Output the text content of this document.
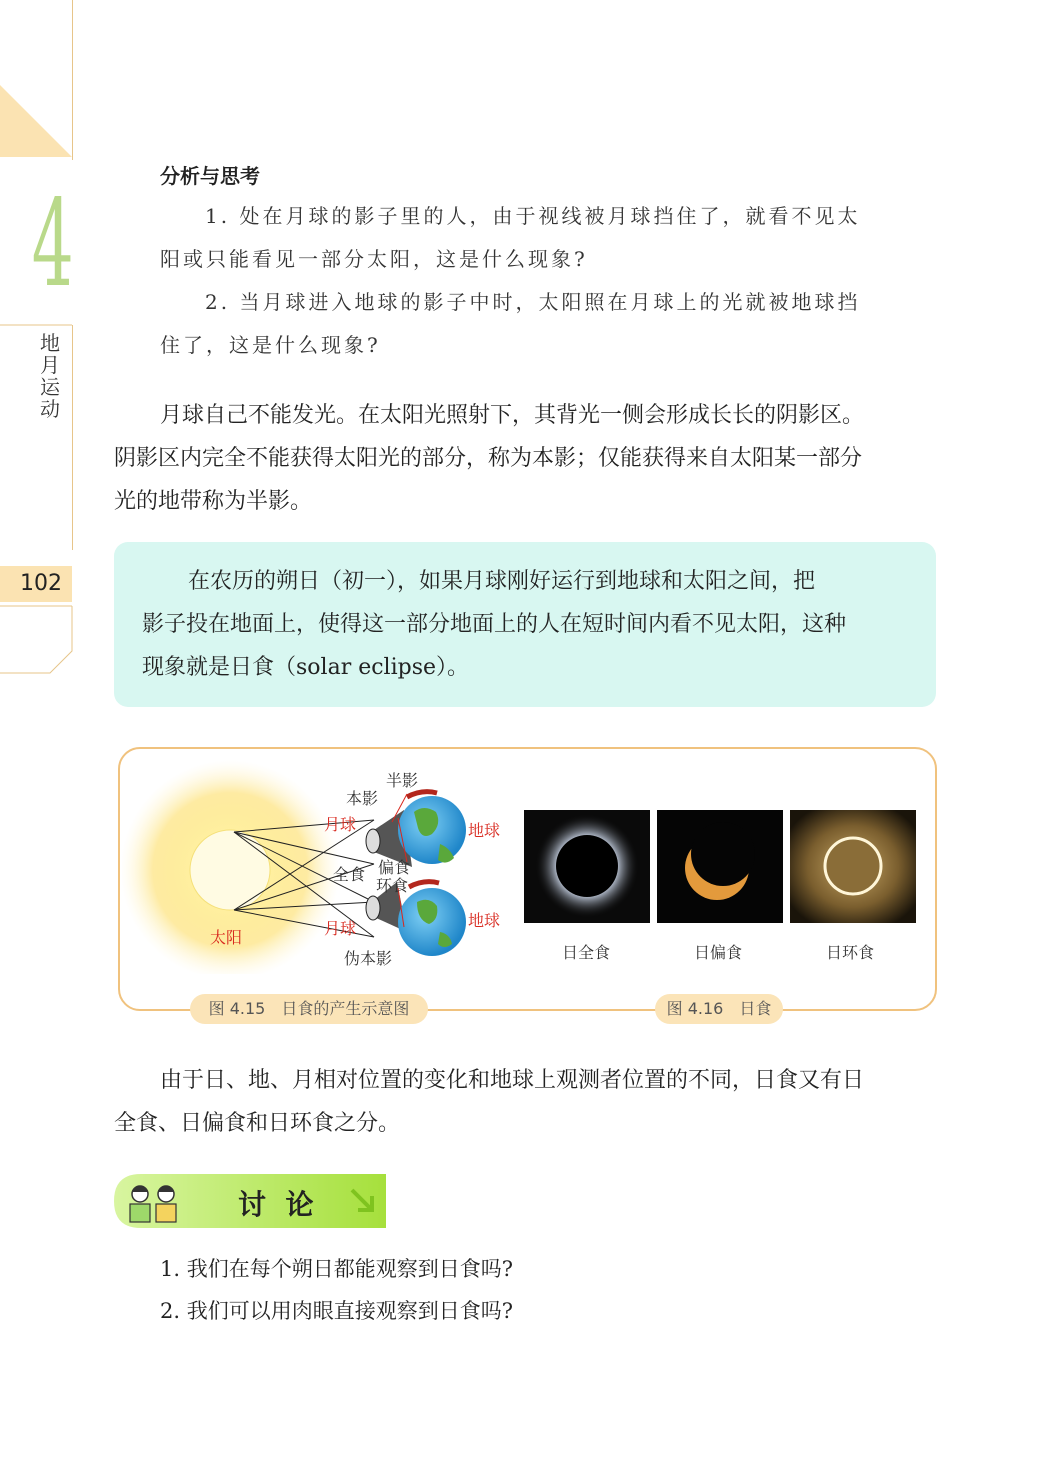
4
地月运动
102
分析与思考
1. 处在月球的影子里的人，由于视线被月球挡住了，就看不见太
阳或只能看见一部分太阳，这是什么现象?
2. 当月球进入地球的影子中时，太阳照在月球上的光就被地球挡
住了，这是什么现象?
月球自己不能发光。在太阳光照射下，其背光一侧会形成长长的阴影区。
阴影区内完全不能获得太阳光的部分，称为本影；仅能获得来自太阳某一部分
光的地带称为半影。
在农历的朔日（初一），如果月球刚好运行到地球和太阳之间，把
影子投在地面上，使得这一部分地面上的人在短时间内看不见太阳，这种
现象就是日食（solar eclipse）。
半影
本影
月球	地球
全食 偏食
环食
地球
月球
太阳
伪本影	日全食	日偏食	日环食
图 4.15　日食的产生示意图	图 4.16　日食
由于日、地、月相对位置的变化和地球上观测者位置的不同，日食又有日
全食、日偏食和日环食之分。
讨  论
1. 我们在每个朔日都能观察到日食吗?
2. 我们可以用肉眼直接观察到日食吗?
